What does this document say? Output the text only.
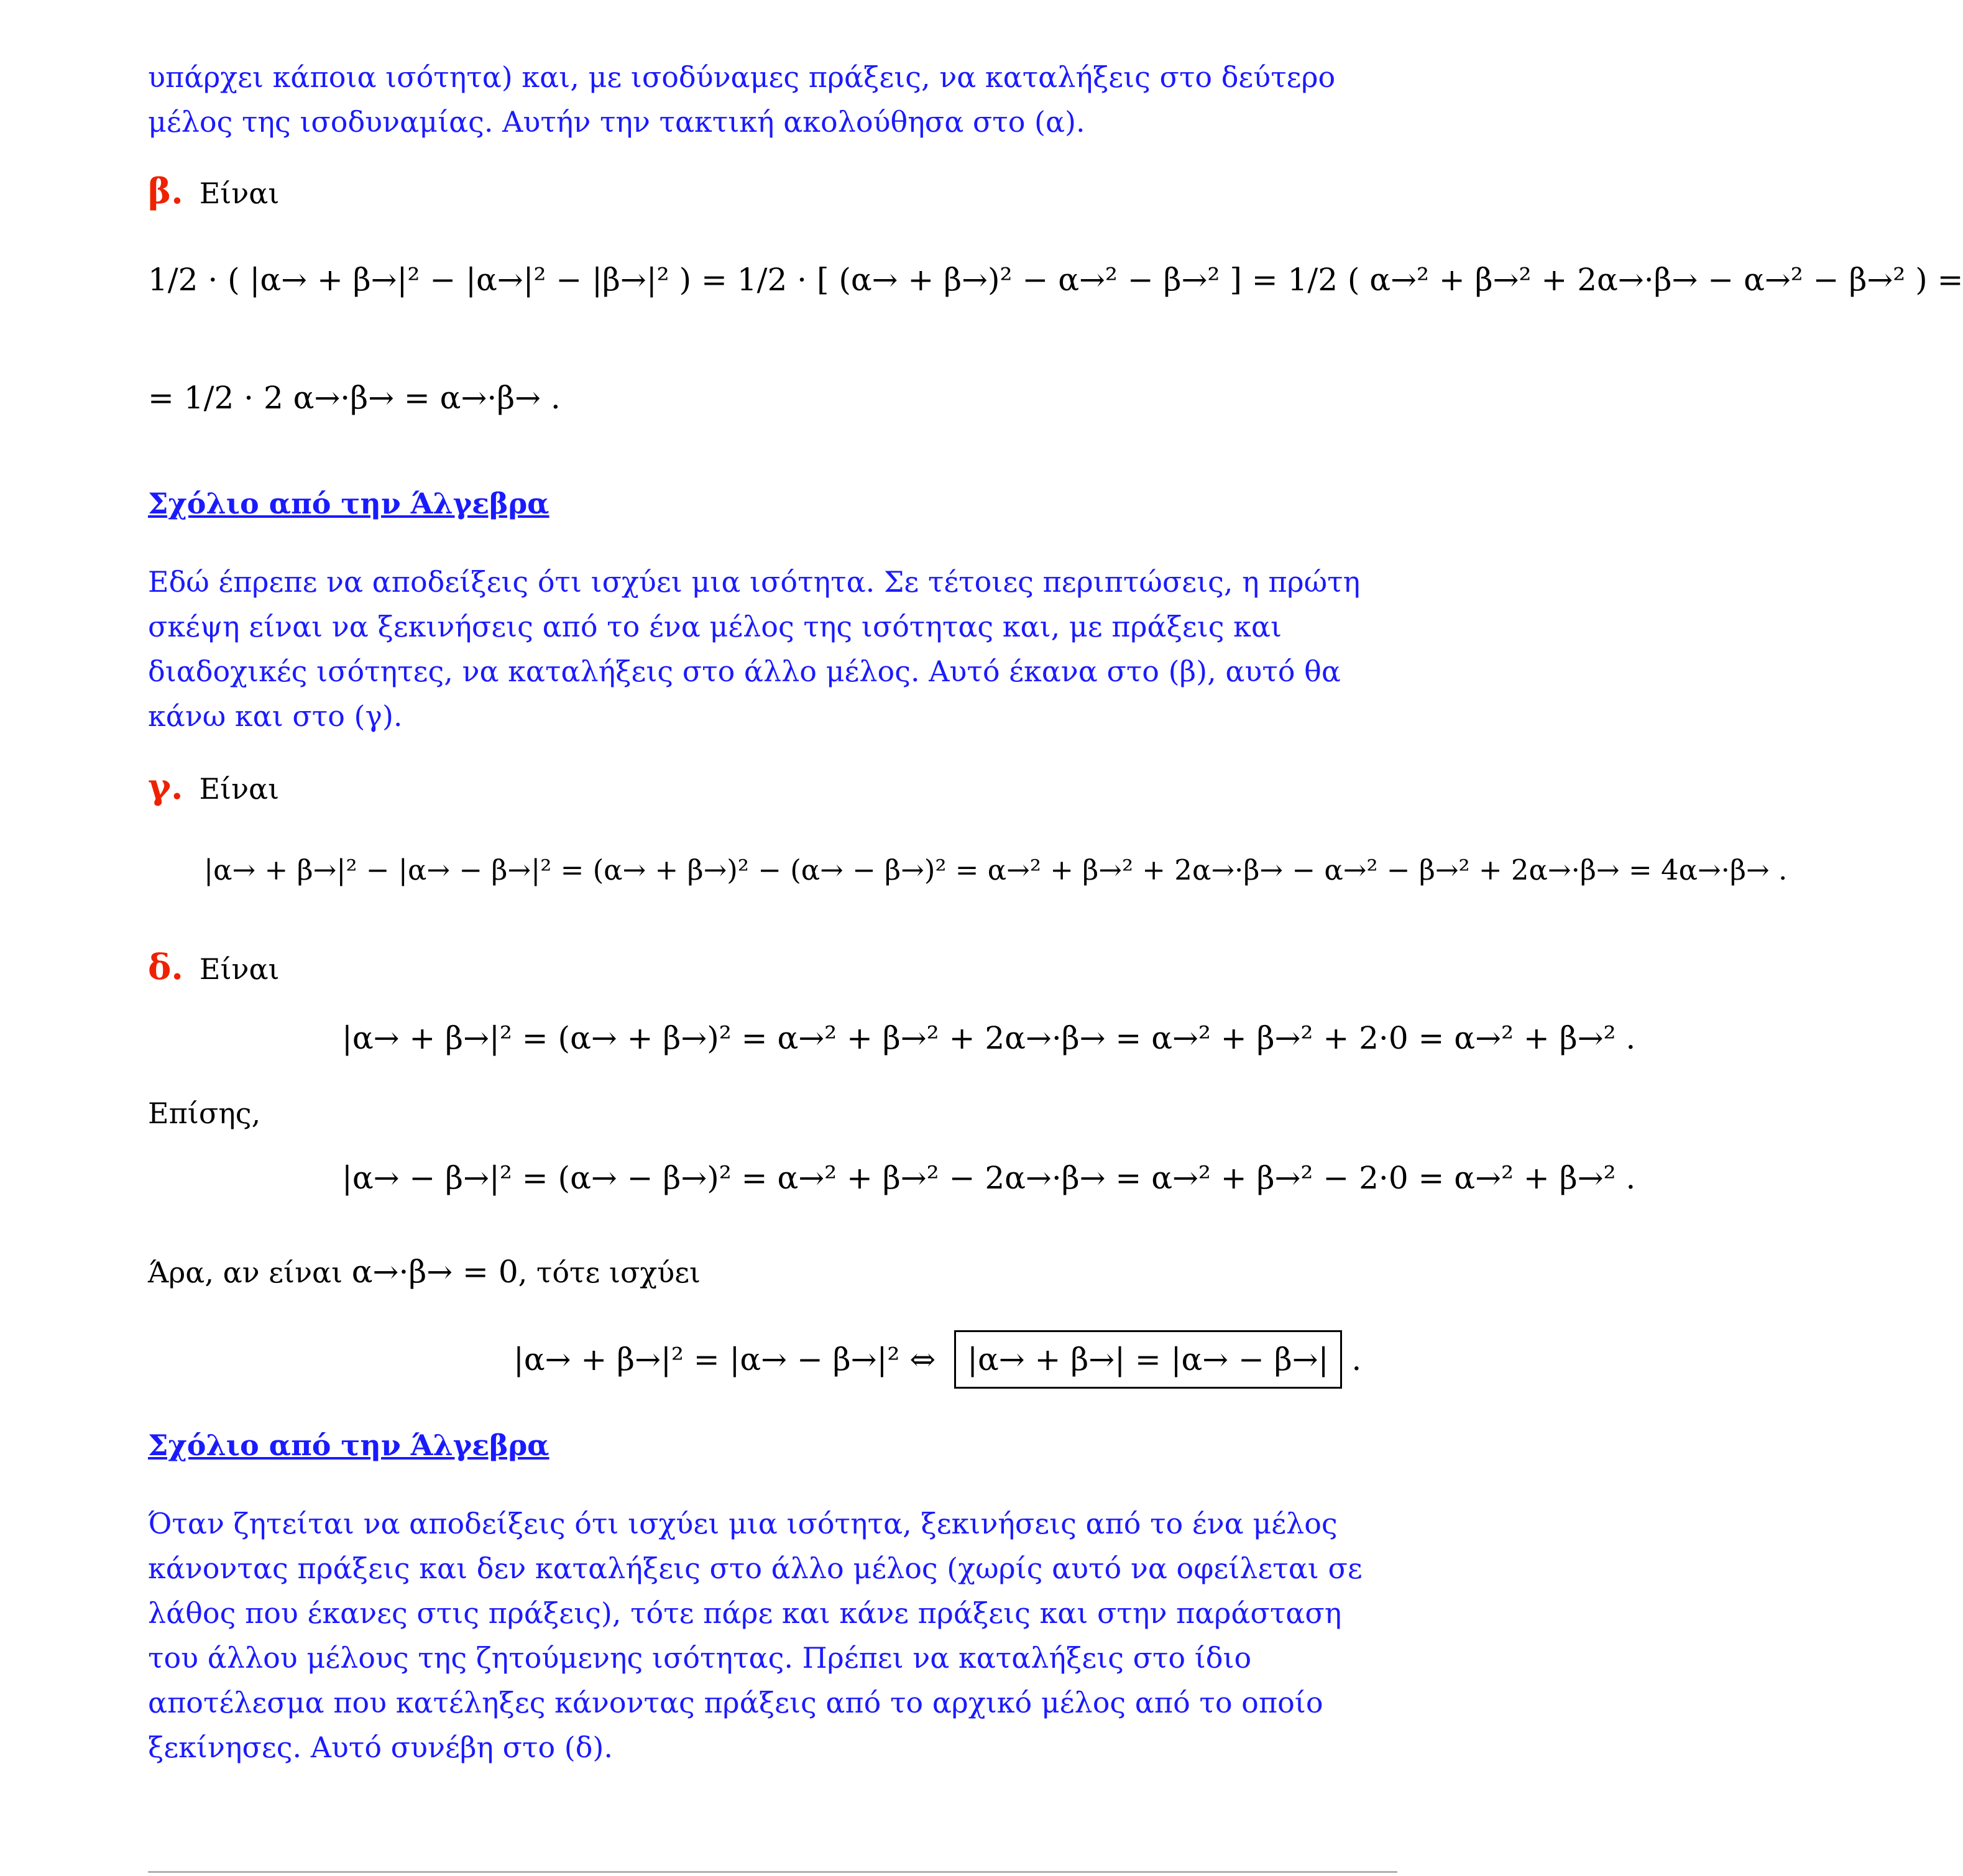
υπάρχει κάποια ισότητα) και, με ισοδύναμες πράξεις, να καταλήξεις στο δεύτερο μέλος της ισοδυναμίας. Αυτήν την τακτική ακολούθησα στο (α).

β. Είναι
1/2 · ( |α→ + β→|² − |α→|² − |β→|² ) = 1/2 · [ (α→ + β→)² − α→² − β→² ] = 1/2 ( α→² + β→² + 2α→·β→ − α→² − β→² ) =
= 1/2 · 2 α→·β→ = α→·β→ .
Σχόλιο από την Άλγεβρα

Εδώ έπρεπε να αποδείξεις ότι ισχύει μια ισότητα. Σε τέτοιες περιπτώσεις, η πρώτη σκέψη είναι να ξεκινήσεις από το ένα μέλος της ισότητας και, με πράξεις και διαδοχικές ισότητες, να καταλήξεις στο άλλο μέλος. Αυτό έκανα στο (β), αυτό θα κάνω και στο (γ).

γ. Είναι
|α→ + β→|² − |α→ − β→|² = (α→ + β→)² − (α→ − β→)² = α→² + β→² + 2α→·β→ − α→² − β→² + 2α→·β→ = 4α→·β→ .
δ. Είναι
|α→ + β→|² = (α→ + β→)² = α→² + β→² + 2α→·β→ = α→² + β→² + 2·0 = α→² + β→² .
Επίσης,
|α→ − β→|² = (α→ − β→)² = α→² + β→² − 2α→·β→ = α→² + β→² − 2·0 = α→² + β→² .
Άρα, αν είναι α→·β→ = 0, τότε ισχύει
|α→ + β→|² = |α→ − β→|² ⇔ |α→ + β→| = |α→ − β→| .
Σχόλιο από την Άλγεβρα

Όταν ζητείται να αποδείξεις ότι ισχύει μια ισότητα, ξεκινήσεις από το ένα μέλος κάνοντας πράξεις και δεν καταλήξεις στο άλλο μέλος (χωρίς αυτό να οφείλεται σε λάθος που έκανες στις πράξεις), τότε πάρε και κάνε πράξεις και στην παράσταση του άλλου μέλους της ζητούμενης ισότητας. Πρέπει να καταλήξεις στο ίδιο αποτέλεσμα που κατέληξες κάνοντας πράξεις από το αρχικό μέλος από το οποίο ξεκίνησες. Αυτό συνέβη στο (δ).
